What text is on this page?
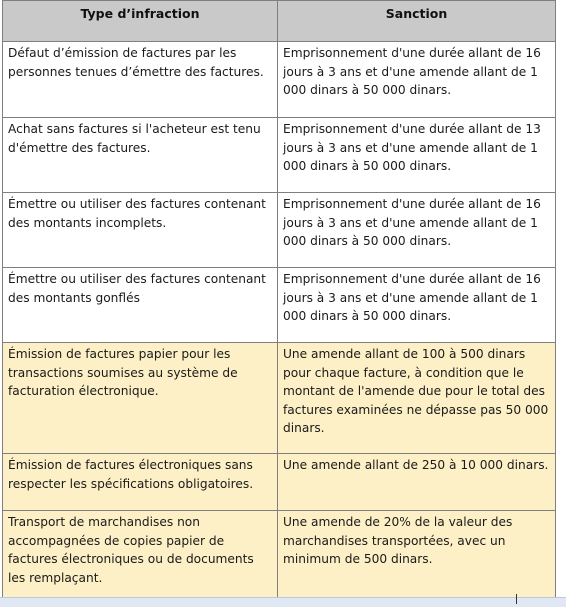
Type d’infraction	Sanction
Défaut d’émission de factures par les personnes tenues d’émettre des factures.	Emprisonnement d'une durée allant de 16 jours à 3 ans et d'une amende allant de 1 000 dinars à 50 000 dinars.
Achat sans factures si l'acheteur est tenu d'émettre des factures.	Emprisonnement d'une durée allant de 13 jours à 3 ans et d'une amende allant de 1 000 dinars à 50 000 dinars.
Émettre ou utiliser des factures contenant des montants incomplets.	Emprisonnement d'une durée allant de 16 jours à 3 ans et d'une amende allant de 1 000 dinars à 50 000 dinars.
Émettre ou utiliser des factures contenant des montants gonflés	Emprisonnement d'une durée allant de 16 jours à 3 ans et d'une amende allant de 1 000 dinars à 50 000 dinars.
Émission de factures papier pour les transactions soumises au système de facturation électronique.	Une amende allant de 100 à 500 dinars pour chaque facture, à condition que le montant de l'amende due pour le total des factures examinées ne dépasse pas 50 000 dinars.
Émission de factures électroniques sans respecter les spécifications obligatoires.	Une amende allant de 250 à 10 000 dinars.
Transport de marchandises non accompagnées de copies papier de factures électroniques ou de documents les remplaçant.	Une amende de 20% de la valeur des marchandises transportées, avec un minimum de 500 dinars.
